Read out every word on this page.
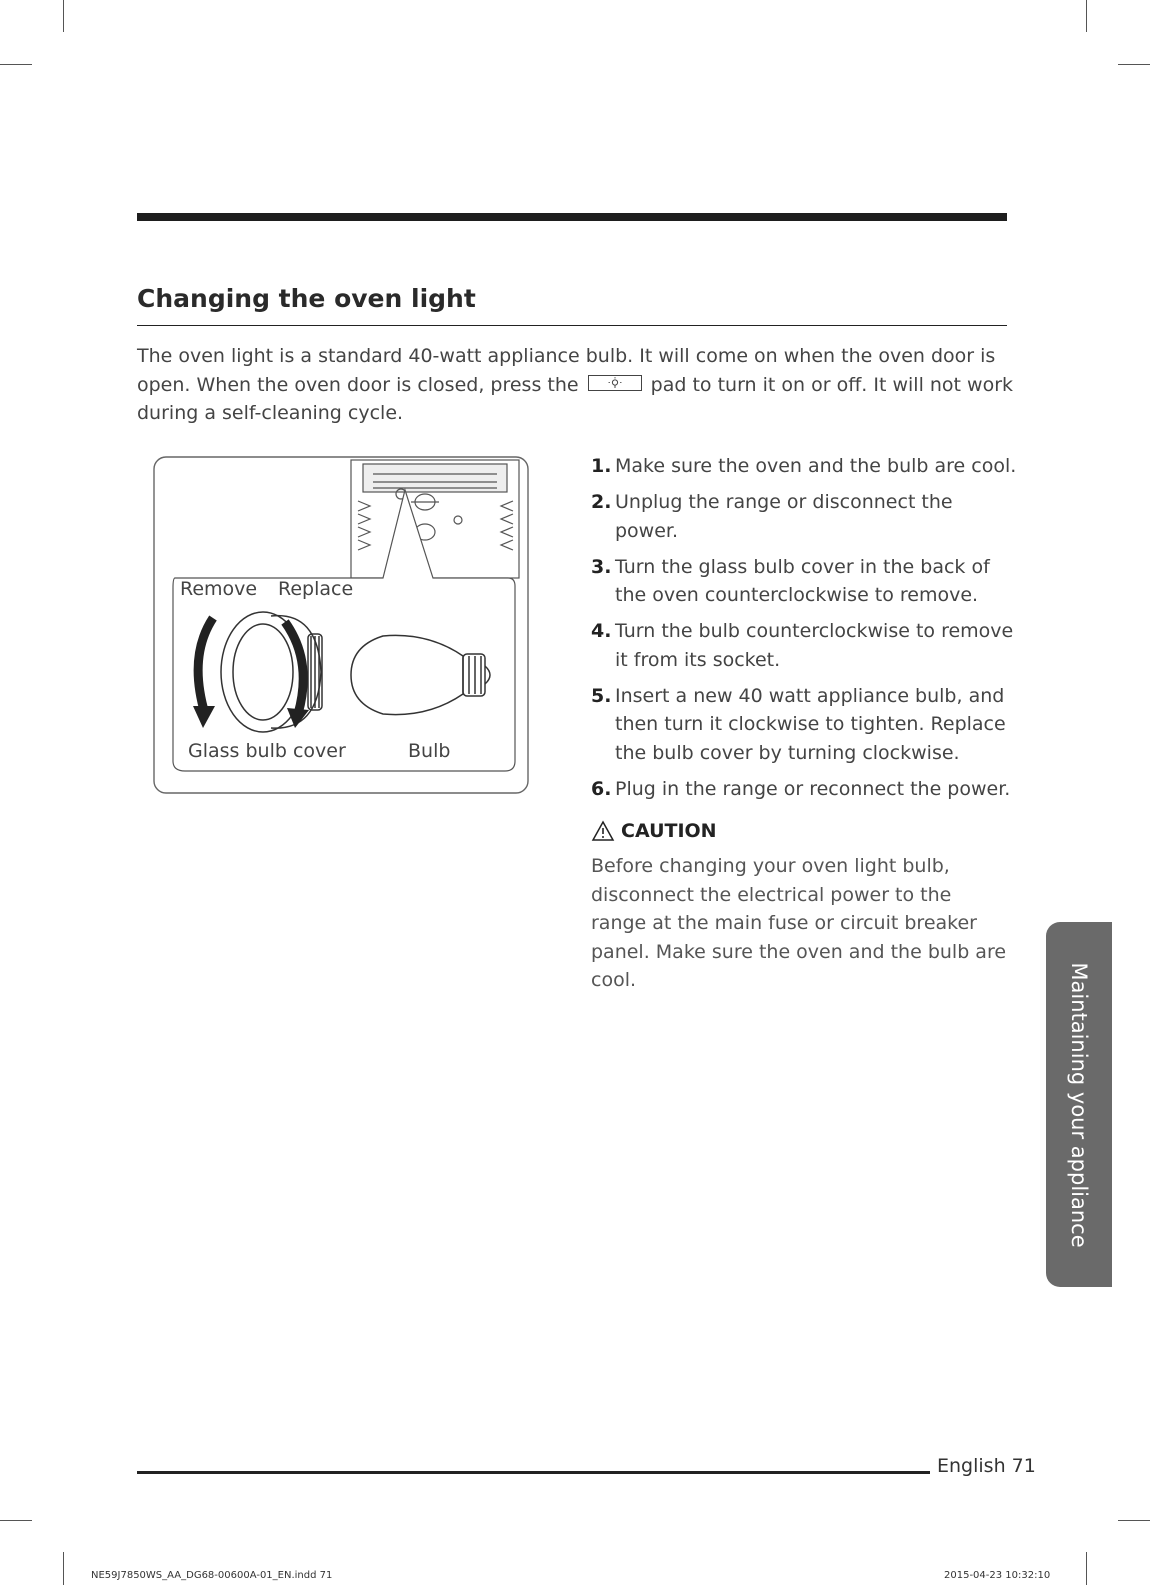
Changing the oven light
The oven light is a standard 40-watt appliance bulb. It will come on when the oven door is open. When the oven door is closed, press the	pad to turn it on or off. It will not work during a self-cleaning cycle.
Remove Replace
Glass bulb cover	Bulb
1. Make sure the oven and the bulb are cool.
2. Unplug the range or disconnect the power.
3. Turn the glass bulb cover in the back of the oven counterclockwise to remove.
4. Turn the bulb counterclockwise to remove it from its socket.
5. Insert a new 40 watt appliance bulb, and then turn it clockwise to tighten. Replace the bulb cover by turning clockwise.
6. Plug in the range or reconnect the power.
CAUTION
Before changing your oven light bulb, disconnect the electrical power to the range at the main fuse or circuit breaker panel. Make sure the oven and the bulb are cool.	Maintaining your appliance
English 71
NE59J7850WS_AA_DG68-00600A-01_EN.indd 71	2015-04-23 10:32:10
